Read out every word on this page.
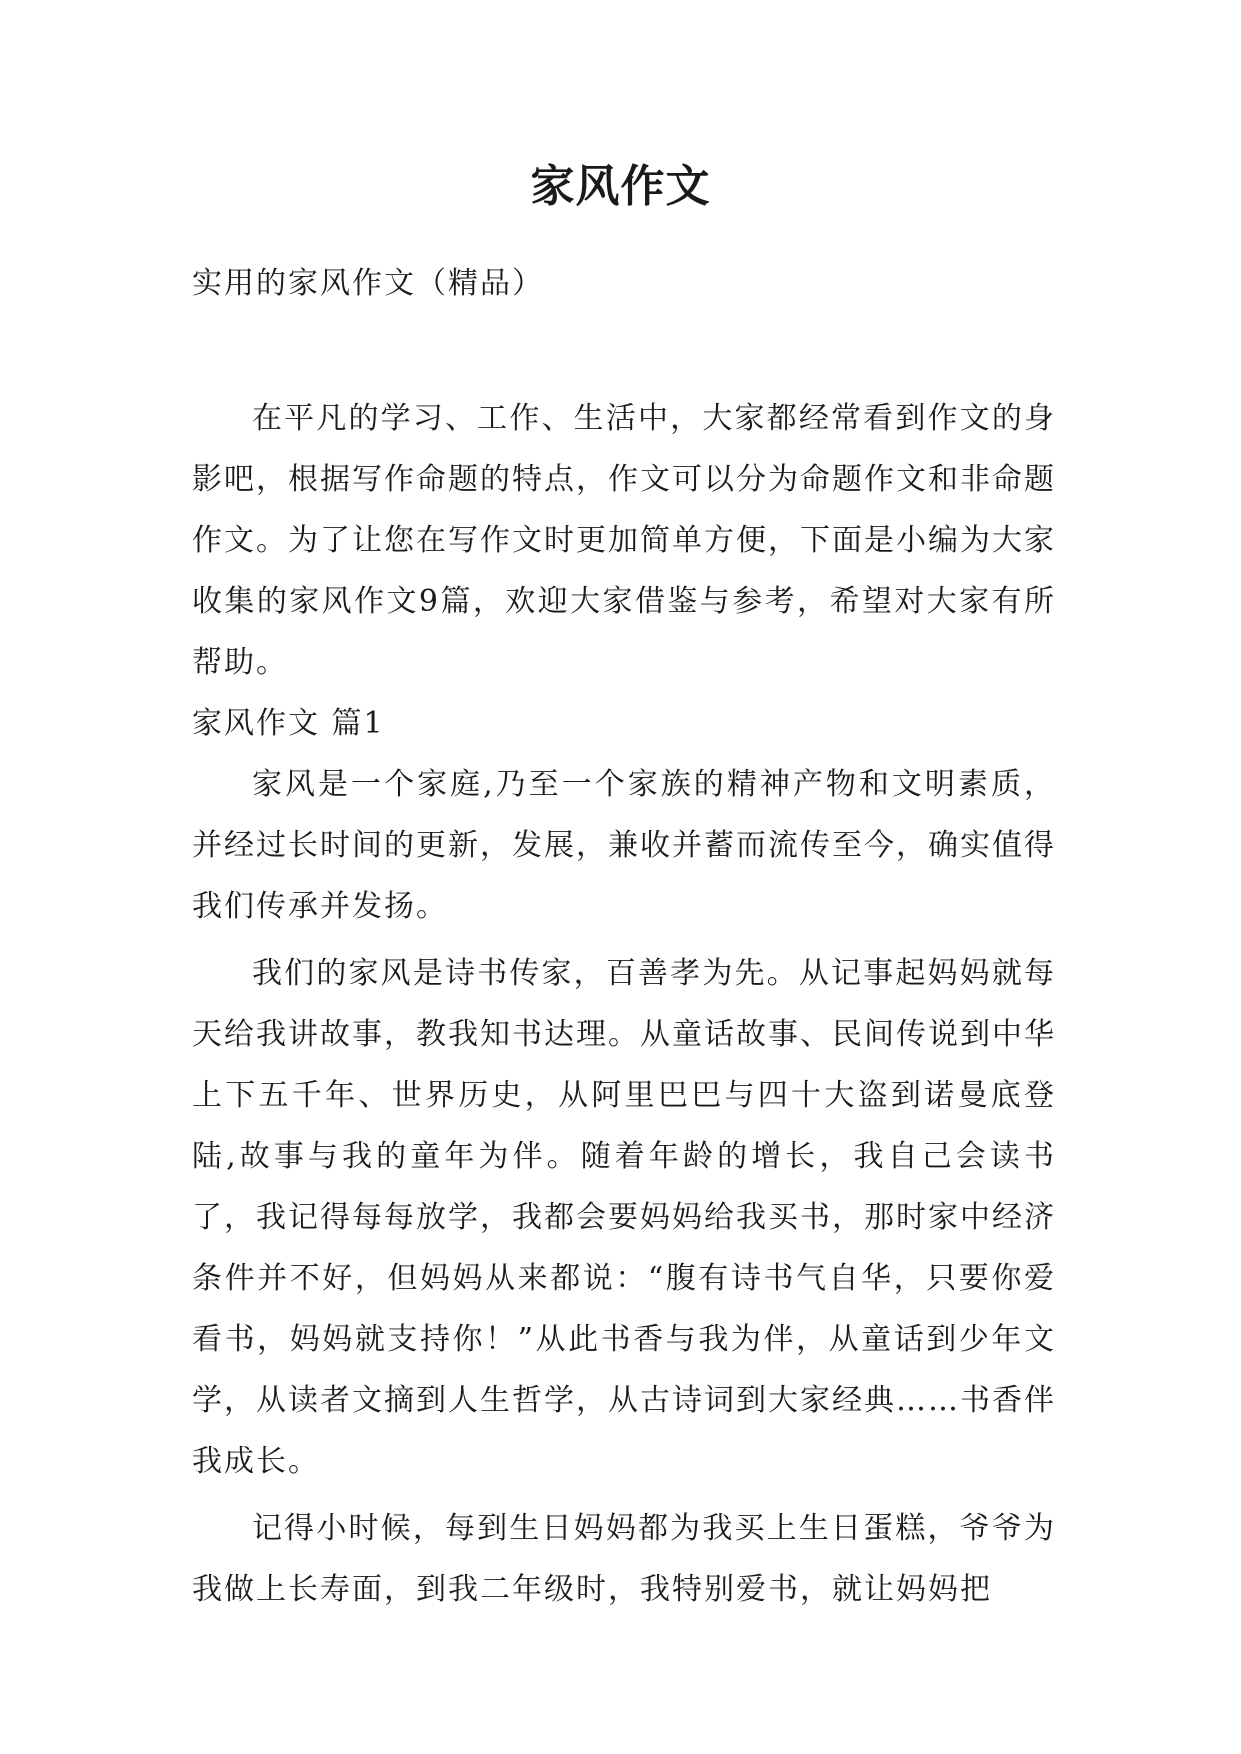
家风作文

实用的家风作文（精品）

在平凡的学习、工作、生活中，大家都经常看到作文的身影吧，根据写作命题的特点，作文可以分为命题作文和非命题作文。为了让您在写作文时更加简单方便，下面是小编为大家收集的家风作文9篇，欢迎大家借鉴与参考，希望对大家有所帮助。

家风作文 篇1

家风是一个家庭,乃至一个家族的精神产物和文明素质，并经过长时间的更新，发展，兼收并蓄而流传至今，确实值得我们传承并发扬。

我们的家风是诗书传家，百善孝为先。从记事起妈妈就每天给我讲故事，教我知书达理。从童话故事、民间传说到中华上下五千年、世界历史，从阿里巴巴与四十大盗到诺曼底登陆,故事与我的童年为伴。随着年龄的增长，我自己会读书了，我记得每每放学，我都会要妈妈给我买书，那时家中经济条件并不好，但妈妈从来都说：“腹有诗书气自华，只要你爱看书，妈妈就支持你！”从此书香与我为伴，从童话到少年文学，从读者文摘到人生哲学，从古诗词到大家经典……书香伴我成长。

记得小时候，每到生日妈妈都为我买上生日蛋糕，爷爷为我做上长寿面，到我二年级时，我特别爱书，就让妈妈把
